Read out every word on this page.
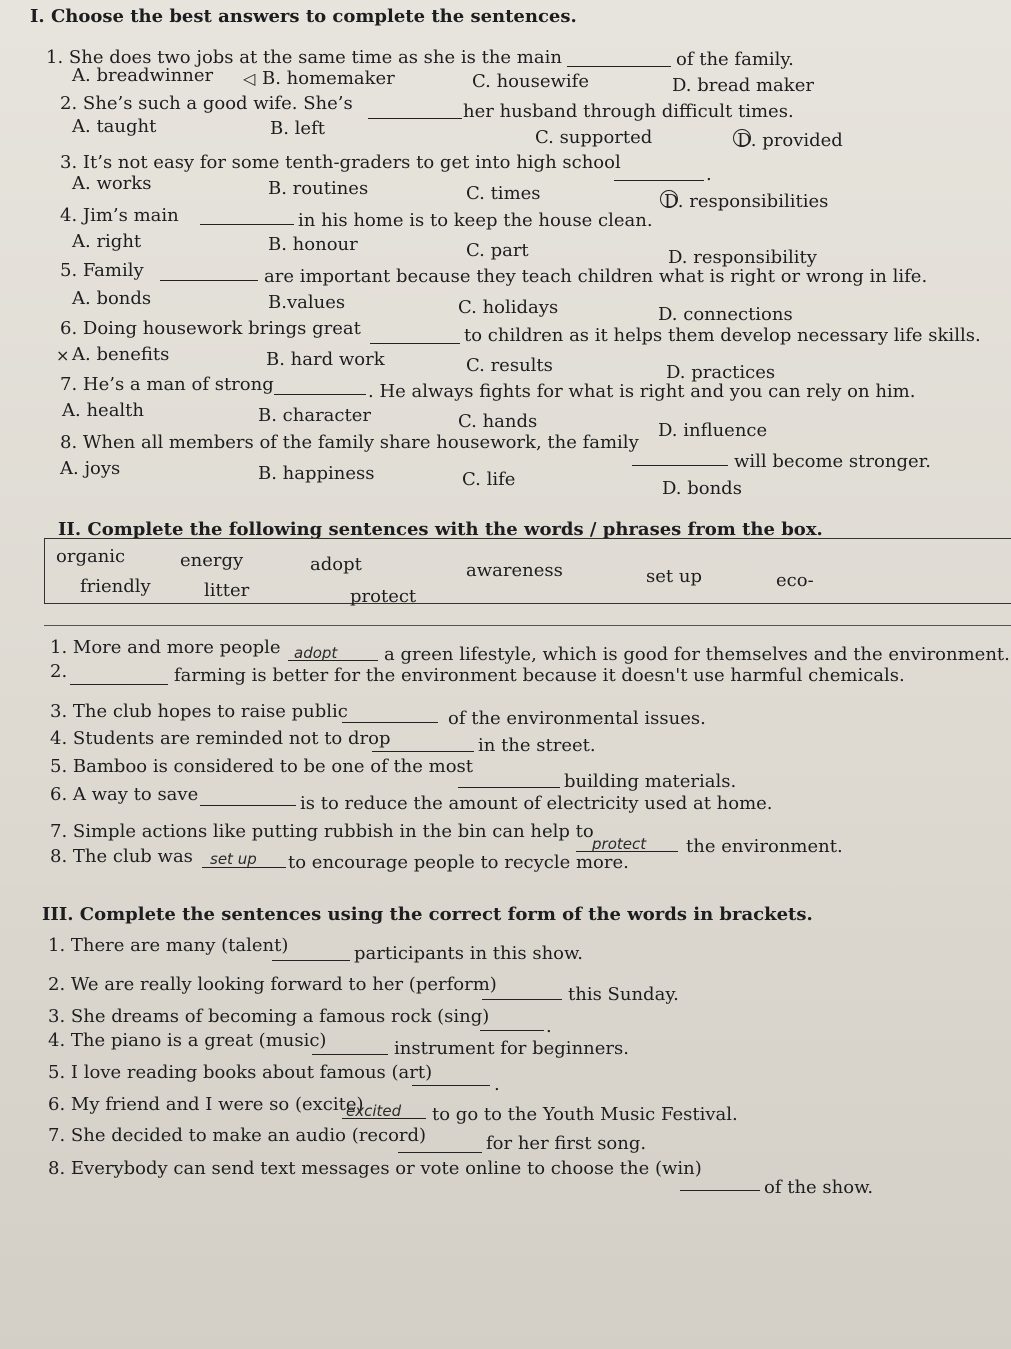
I. Choose the best answers to complete the sentences.
1. She does two jobs at the same time as she is the main	of the family.
A. breadwinner	B. homemaker
◁	C. housewife	D. bread maker
2. She’s such a good wife. She’s	her husband through difficult times.
A. taught	B. left	C. supported	D. provided
3. It’s not easy for some tenth-graders to get into high school
.
A. works	B. routines	C. times	D. responsibilities
4. Jim’s main	in his home is to keep the house clean.
A. right	B. honour	C. part	D. responsibility
5. Family	are important because they teach children what is right or wrong in life.
A. bonds	B.values	C. holidays	D. connections
6. Doing housework brings great	to children as it helps them develop necessary life skills.
× A. benefits	B. hard work	C. results	D. practices
7. He’s a man of strong	. He always fights for what is right and you can rely on him.
A. health	B. character	C. hands	D. influence
8. When all members of the family share housework, the family
will become stronger.
A. joys	B. happiness	C. life	D. bonds
II. Complete the following sentences with the words / phrases from the box.
organic	energy	adopt	awareness	set up	eco-
friendly	litter	protect
1. More and more people adopt	a green lifestyle, which is good for themselves and the environment.
2.	farming is better for the environment because it doesn't use harmful chemicals.
3. The club hopes to raise public	of the environmental issues.
4. Students are reminded not to drop	in the street.
5. Bamboo is considered to be one of the most
building materials.
6. A way to save	is to reduce the amount of electricity used at home.
7. Simple actions like putting rubbish in the bin can help to
protect the environment.
8. The club was set up to encourage people to recycle more.
III. Complete the sentences using the correct form of the words in brackets.
1. There are many (talent)	participants in this show.
2. We are really looking forward to her (perform)	this Sunday.
3. She dreams of becoming a famous rock (sing)	.
4. The piano is a great (music)	instrument for beginners.
5. I love reading books about famous (art)
.
6. My friend and I were so (excite)
excited to go to the Youth Music Festival.
7. She decided to make an audio (record)	for her first song.
8. Everybody can send text messages or vote online to choose the (win)
of the show.
